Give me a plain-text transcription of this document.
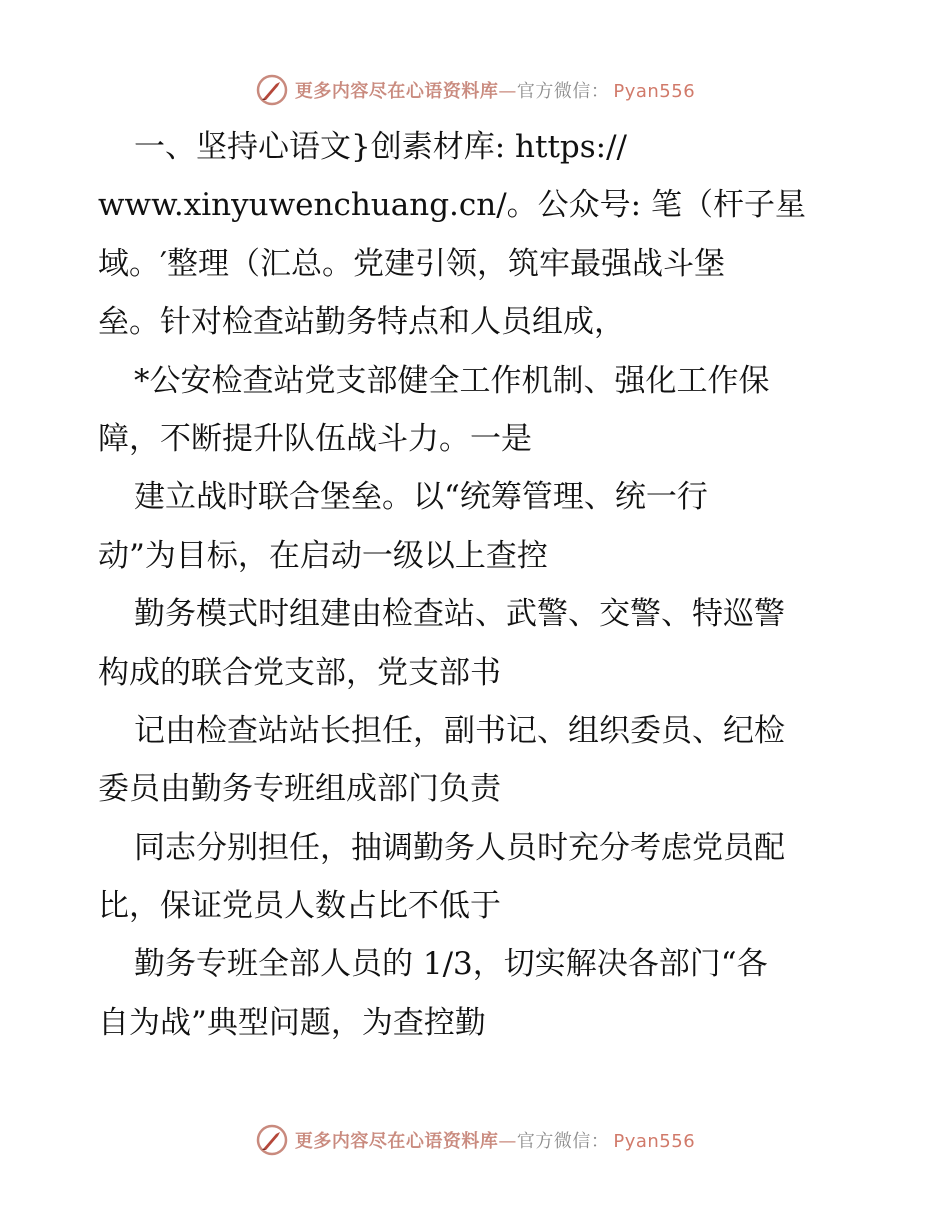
更多内容尽在心语资料库—官方微信： Pyan556
一、坚持心语文}创素材库: https://
www.xinyuwenchuang.cn/。公众号: 笔（杆子星
域。′整理（汇总。党建引领，筑牢最强战斗堡
垒。针对检查站勤务特点和人员组成，
*公安检查站党支部健全工作机制、强化工作保
障，不断提升队伍战斗力。一是
建立战时联合堡垒。以“统筹管理、统一行
动”为目标，在启动一级以上查控
勤务模式时组建由检查站、武警、交警、特巡警
构成的联合党支部，党支部书
记由检查站站长担任，副书记、组织委员、纪检
委员由勤务专班组成部门负责
同志分别担任，抽调勤务人员时充分考虑党员配
比，保证党员人数占比不低于
勤务专班全部人员的 1/3，切实解决各部门“各
自为战”典型问题，为查控勤
更多内容尽在心语资料库—官方微信： Pyan556
